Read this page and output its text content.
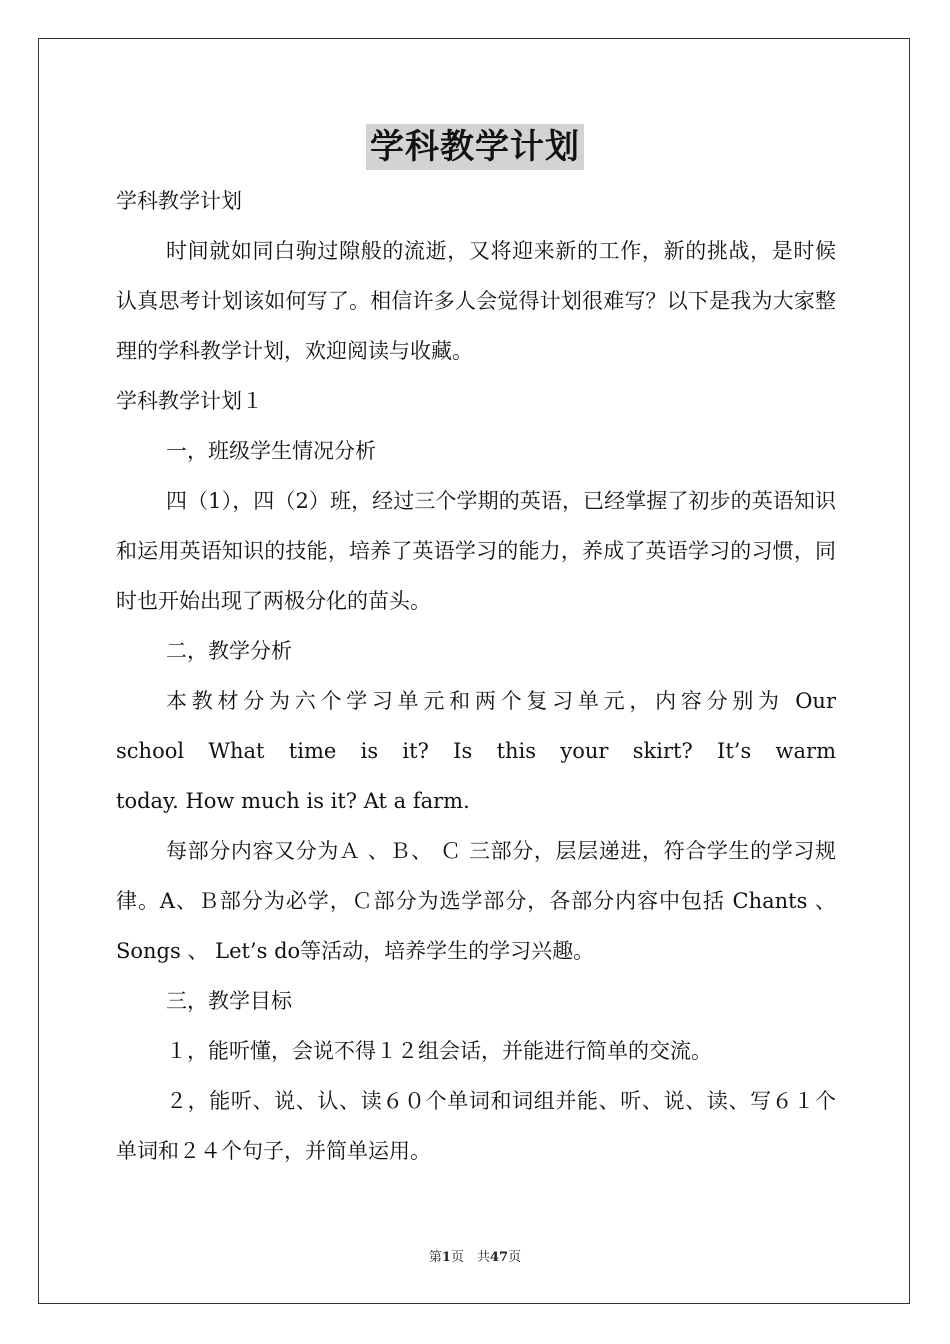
学科教学计划
学科教学计划

时间就如同白驹过隙般的流逝，又将迎来新的工作，新的挑战，是时候认真思考计划该如何写了。相信许多人会觉得计划很难写？以下是我为大家整理的学科教学计划，欢迎阅读与收藏。

学科教学计划１
一，班级学生情况分析

四（1），四（2）班，经过三个学期的英语，已经掌握了初步的英语知识和运用英语知识的技能，培养了英语学习的能力，养成了英语学习的习惯，同时也开始出现了两极分化的苗头。

二，教学分析
本教材分为六个学习单元和两个复习单元，内容分别为 Our
school What time is it? Is this your skirt? It’s warm
today. How much is it? At a farm.

每部分内容又分为Ａ 、Ｂ、 Ｃ 三部分，层层递进，符合学生的学习规律。A、Ｂ部分为必学，Ｃ部分为选学部分，各部分内容中包括 Chants 、 Songs 、 Let’s do等活动，培养学生的学习兴趣。

三，教学目标
１，能听懂，会说不得１２组会话，并能进行简单的交流。

２，能听、说、认、读６０个单词和词组并能、听、说、读、写６１个单词和２４个句子，并简单运用。

第1页　共47页
